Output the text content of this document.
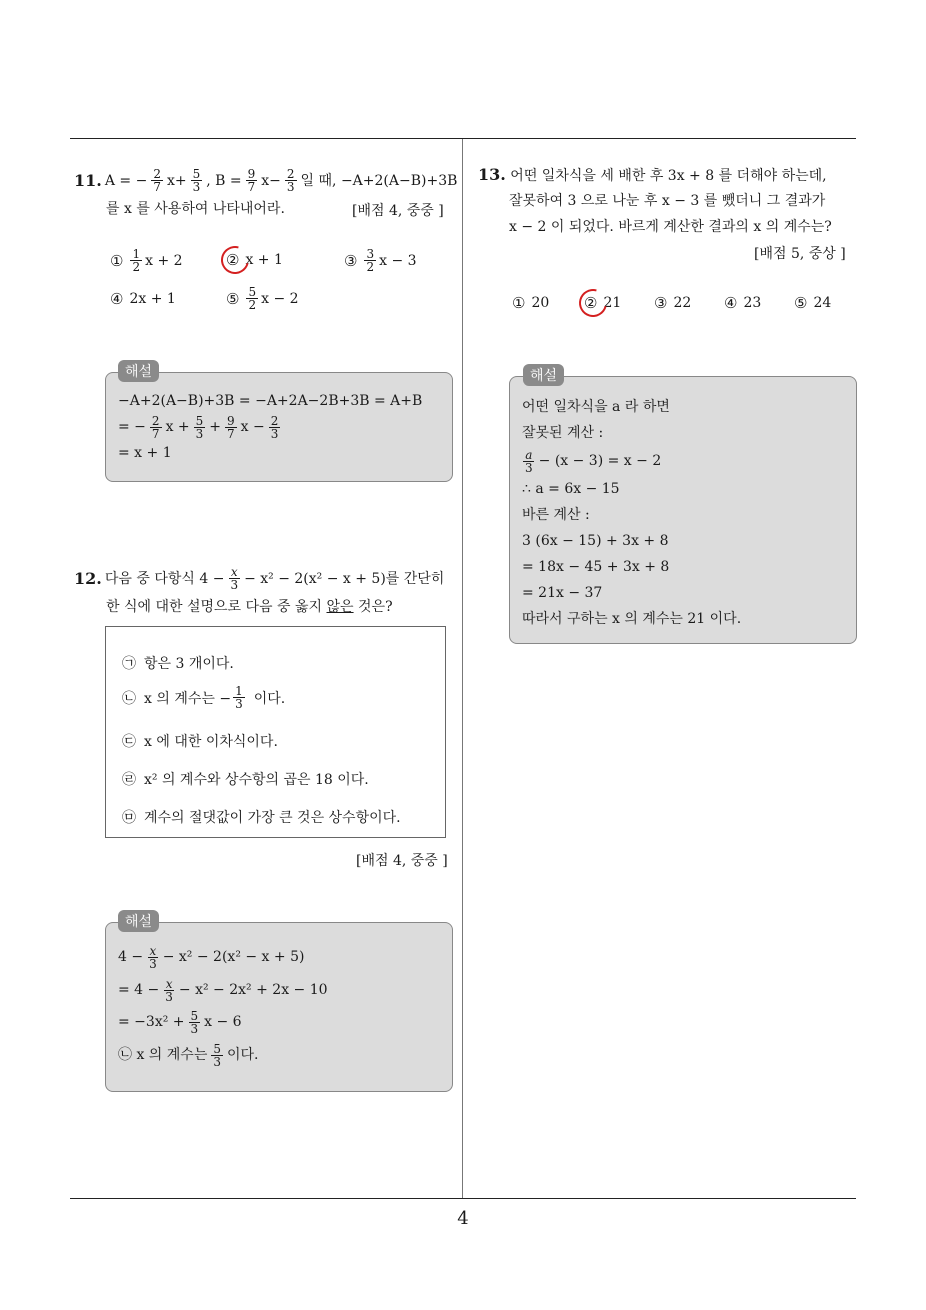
4
11. A = − $\frac{2}{7} x+ \frac{5}{3}$ , $B = \frac{9}{7} x- \frac{2}{3}$ 일 때, −A+2(A−B)+3B
를 x 를 사용하여 나타내어라.	[배점 4, 중중 ]
① $\frac{1}{2}$ x + 2	② x + 1	③ $\frac{3}{2}$ x − 3
④ 2x + 1	⑤ $\frac{5}{2}$ x − 2
해설
−A+2(A−B)+3B = −A+2A−2B+3B = A+B
= − $\frac{2}{7}$ $x + \frac{5}{3} + \frac{9}{7}$ $x - \frac{2}{3}$
= x + 1
12. 다음 중 다항식 $4 - \frac{x}{3} - x^2 - 2(x^2 - x + 5)$를 간단히
한 식에 대한 설명으로 다음 중 옳지 않은 것은?
㉠ 항은 3 개이다.
㉡ x 의 계수는 − $\frac{1}{3}$ 이다.
㉢ x 에 대한 이차식이다.
㉣ x² 의 계수와 상수항의 곱은 18 이다.
㉤ 계수의 절댓값이 가장 큰 것은 상수항이다.
[배점 4, 중중 ]
해설
$4 - \frac{x}{3} - x^2 - 2(x^2 - x + 5)$
= $4 - \frac{x}{3} - x^2 - 2x^2 + 2x - 10$
= $-3x^2 + \frac{5}{3}$ x − 6
㉡ x 의 계수는 $\frac{5}{3}$ 이다.
13. 어떤 일차식을 세 배한 후 3x + 8 를 더해야 하는데,
잘못하여 3 으로 나눈 후 x − 3 를 뺐더니 그 결과가
x − 2 이 되었다. 바르게 계산한 결과의 x 의 계수는?
[배점 5, 중상 ]
① 20 ② 21 ③ 22 ④ 23 ⑤ 24
해설
어떤 일차식을 a 라 하면
잘못된 계산 :
$\frac{a}{3} - (x - 3) = x - 2$
∴ a = 6x − 15
바른 계산 :
3 (6x − 15) + 3x + 8
= 18x − 45 + 3x + 8
= 21x − 37
따라서 구하는 x 의 계수는 21 이다.
